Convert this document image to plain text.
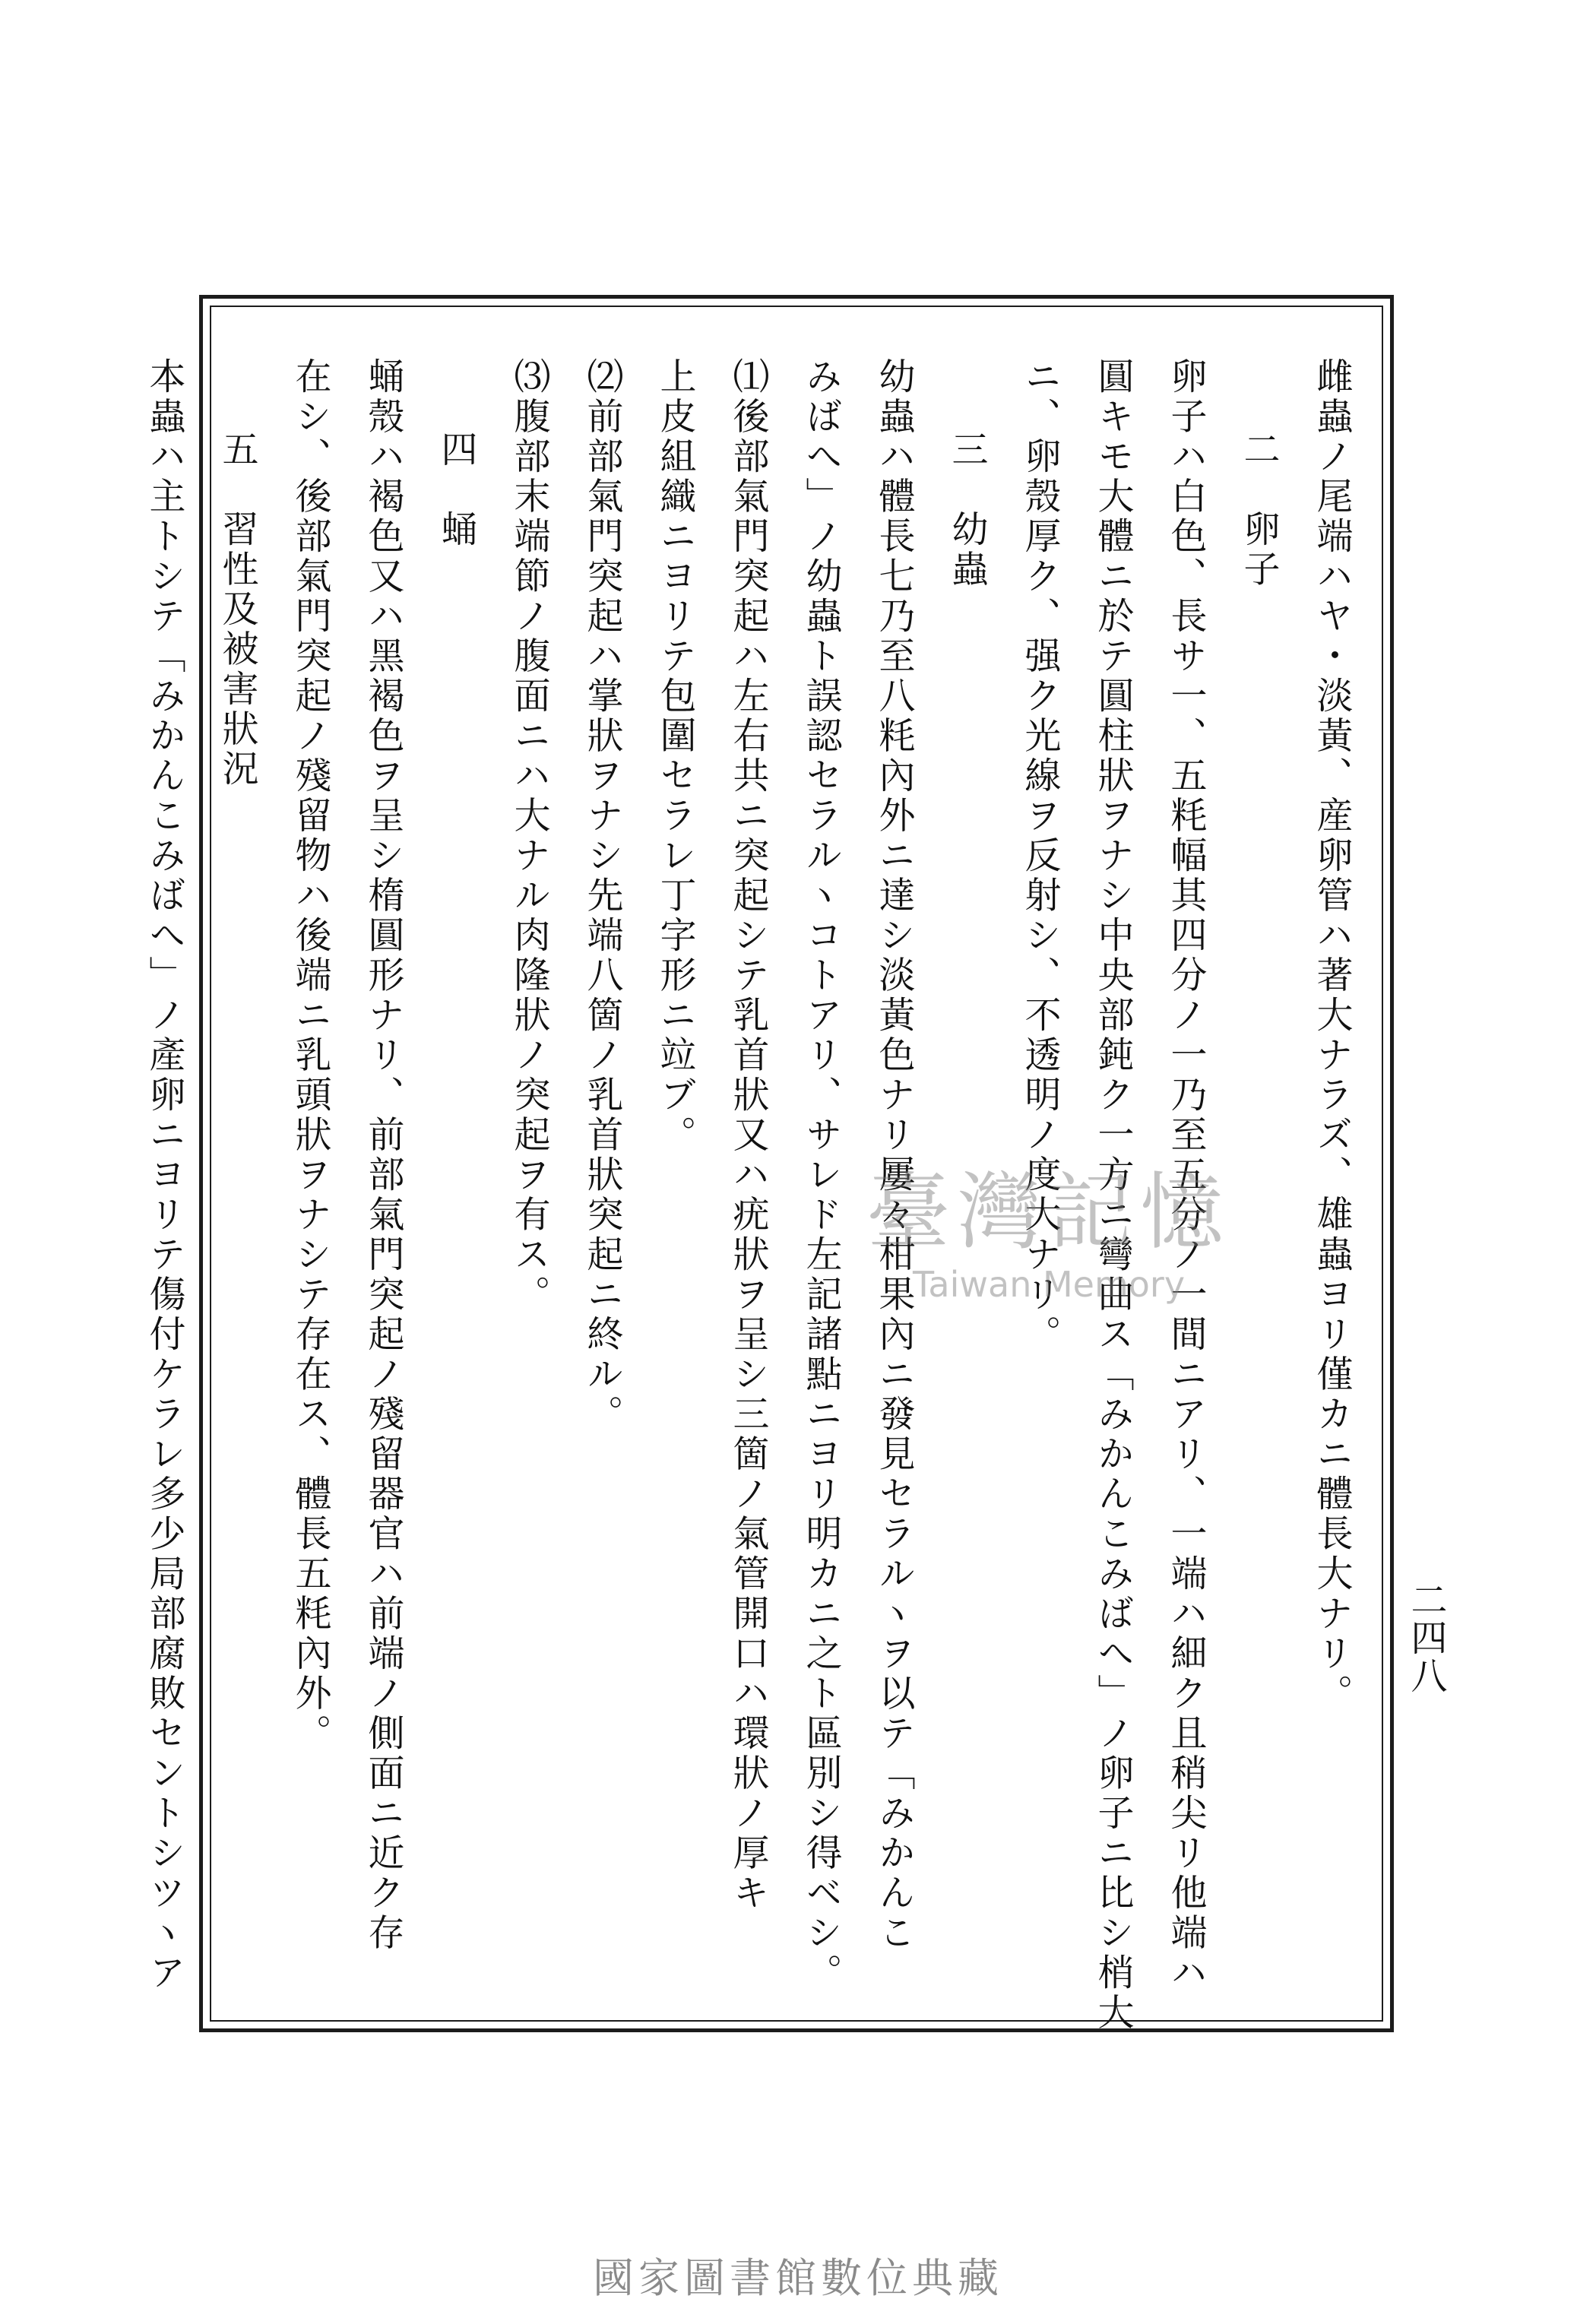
雌蟲ノ尾端ハヤ・淡黃、産卵管ハ著大ナラズ、雄蟲ヨリ僅カニ體長大ナリ。
二　卵子
卵子ハ白色、長サ一、五粍幅其四分ノ一乃至五分ノ一間ニアリ、一端ハ細ク且稍尖リ他端ハ
圓キモ大體ニ於テ圓柱狀ヲナシ中央部鈍ク一方ニ彎曲ス「みかんこみばへ」ノ卵子ニ比シ梢大
ニ、卵殼厚ク、强ク光線ヲ反射シ、不透明ノ度大ナリ。
三　幼蟲
幼蟲ハ體長七乃至八粍內外ニ達シ淡黃色ナリ屢々柑果內ニ發見セラルヽヲ以テ「みかんこ
みばへ」ノ幼蟲ト誤認セラルヽコトアリ、サレド左記諸點ニヨリ明カニ之ト區別シ得ベシ。
⑴後部氣門突起ハ左右共ニ突起シテ乳首狀又ハ疣狀ヲ呈シ三箇ノ氣管開口ハ環狀ノ厚キ
上皮組織ニヨリテ包圍セラレ丁字形ニ竝ブ。
⑵前部氣門突起ハ掌狀ヲナシ先端八箇ノ乳首狀突起ニ終ル。
⑶腹部末端節ノ腹面ニハ大ナル肉隆狀ノ突起ヲ有ス。
四　蛹
蛹殼ハ褐色又ハ黑褐色ヲ呈シ楕圓形ナリ、前部氣門突起ノ殘留器官ハ前端ノ側面ニ近ク存
在シ、後部氣門突起ノ殘留物ハ後端ニ乳頭狀ヲナシテ存在ス、體長五粍內外。
五　習性及被害狀況
本蟲ハ主トシテ「みかんこみばへ」ノ產卵ニヨリテ傷付ケラレ多少局部腐敗セントシツヽア	二四八
臺灣記憶
Taiwan Memory
國家圖書館數位典藏
